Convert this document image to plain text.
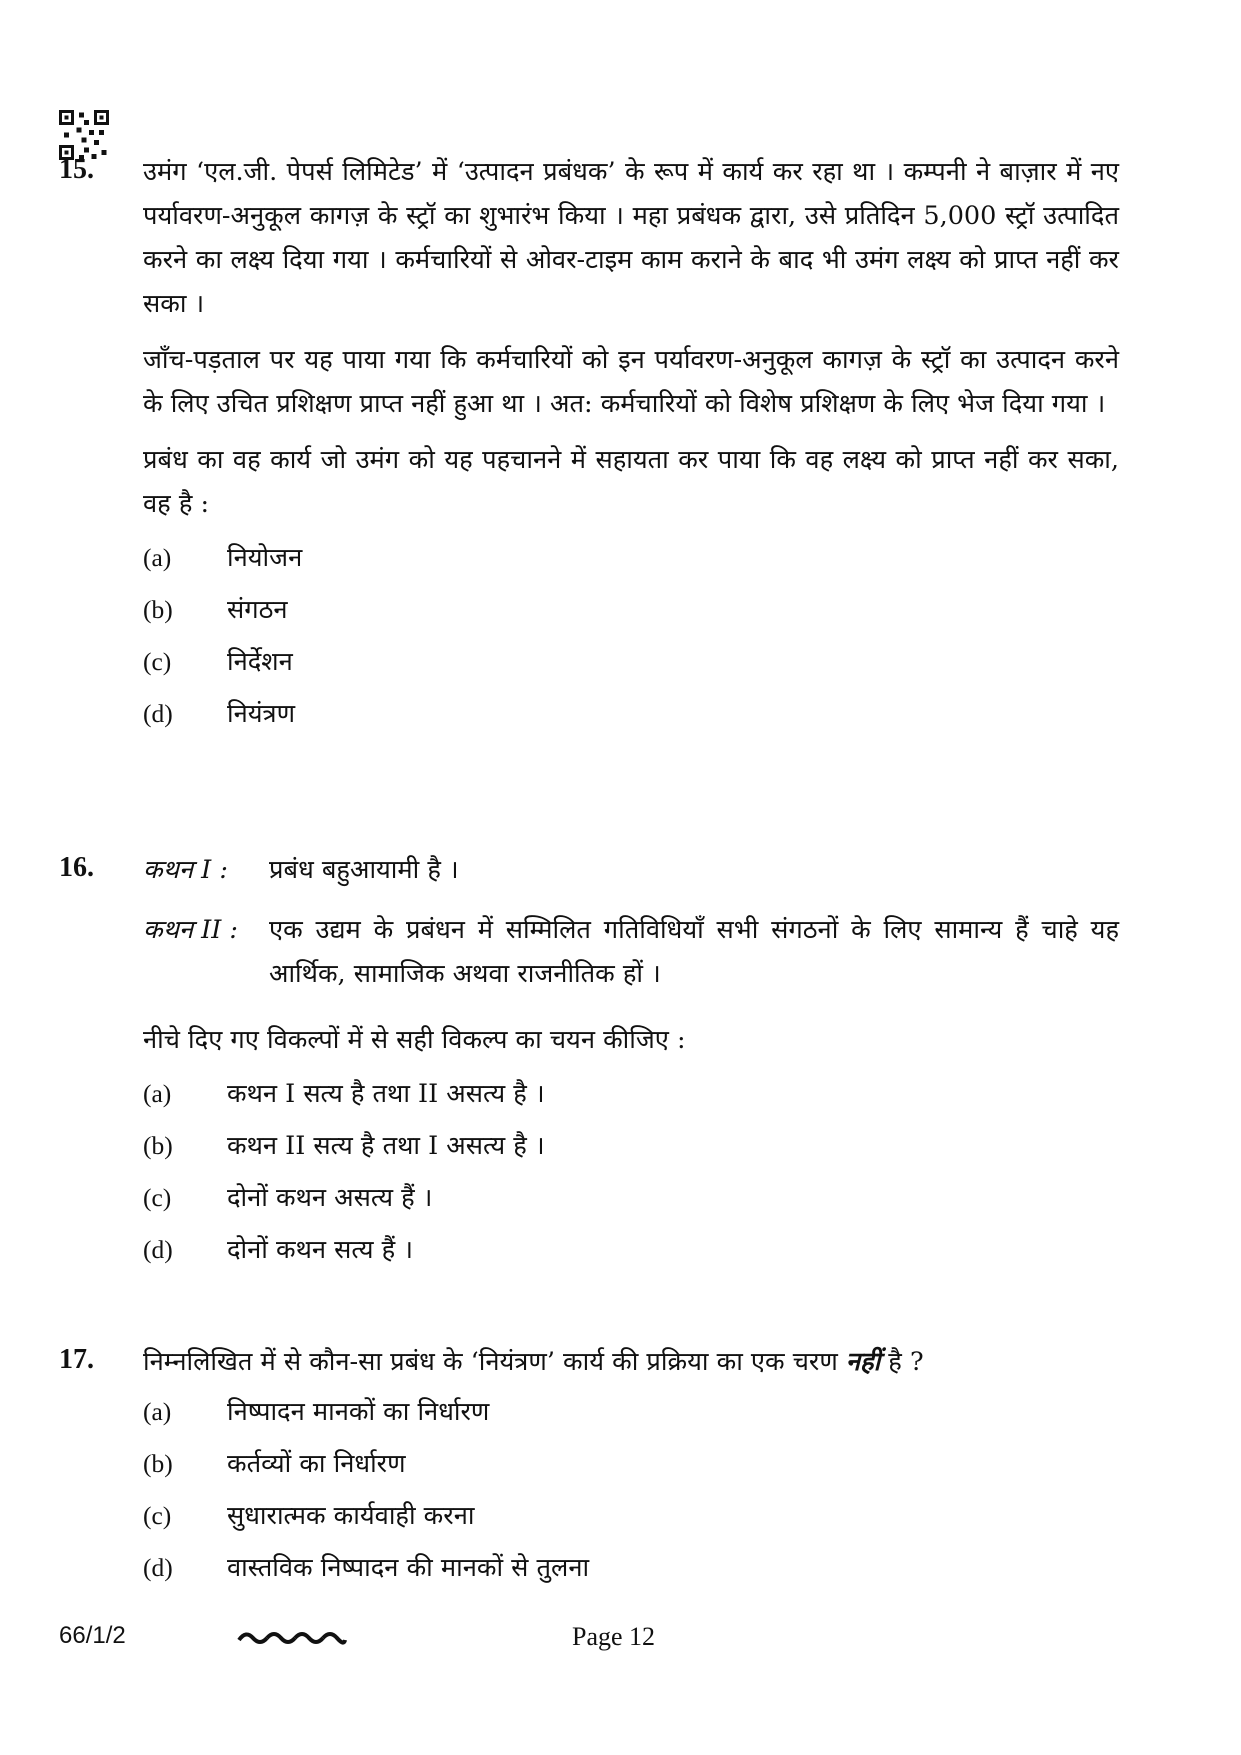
15. उमंग ‘एल.जी. पेपर्स लिमिटेड’ में ‘उत्पादन प्रबंधक’ के रूप में कार्य कर रहा था । कम्पनी ने बाज़ार में नए पर्यावरण-अनुकूल कागज़ के स्ट्रॉ का शुभारंभ किया । महा प्रबंधक द्वारा, उसे प्रतिदिन 5,000 स्ट्रॉ उत्पादित करने का लक्ष्य दिया गया । कर्मचारियों से ओवर-टाइम काम कराने के बाद भी उमंग लक्ष्य को प्राप्त नहीं कर सका ।

जाँच-पड़ताल पर यह पाया गया कि कर्मचारियों को इन पर्यावरण-अनुकूल कागज़ के स्ट्रॉ का उत्पादन करने के लिए उचित प्रशिक्षण प्राप्त नहीं हुआ था । अत: कर्मचारियों को विशेष प्रशिक्षण के लिए भेज दिया गया ।

प्रबंध का वह कार्य जो उमंग को यह पहचानने में सहायता कर पाया कि वह लक्ष्य को प्राप्त नहीं कर सका, वह है :

(a) नियोजन
(b) संगठन
(c) निर्देशन
(d) नियंत्रण
16. कथन I : प्रबंध बहुआयामी है ।
कथन II : एक उद्यम के प्रबंधन में सम्मिलित गतिविधियाँ सभी संगठनों के लिए सामान्य हैं चाहे यह आर्थिक, सामाजिक अथवा राजनीतिक हों ।

नीचे दिए गए विकल्पों में से सही विकल्प का चयन कीजिए :

(a) कथन I सत्य है तथा II असत्य है ।
(b) कथन II सत्य है तथा I असत्य है ।
(c) दोनों कथन असत्य हैं ।
(d) दोनों कथन सत्य हैं ।
17. निम्नलिखित में से कौन-सा प्रबंध के ‘नियंत्रण’ कार्य की प्रक्रिया का एक चरण नहीं है ?

(a) निष्पादन मानकों का निर्धारण
(b) कर्तव्यों का निर्धारण
(c) सुधारात्मक कार्यवाही करना
(d) वास्तविक निष्पादन की मानकों से तुलना
66/1/2	Page 12
